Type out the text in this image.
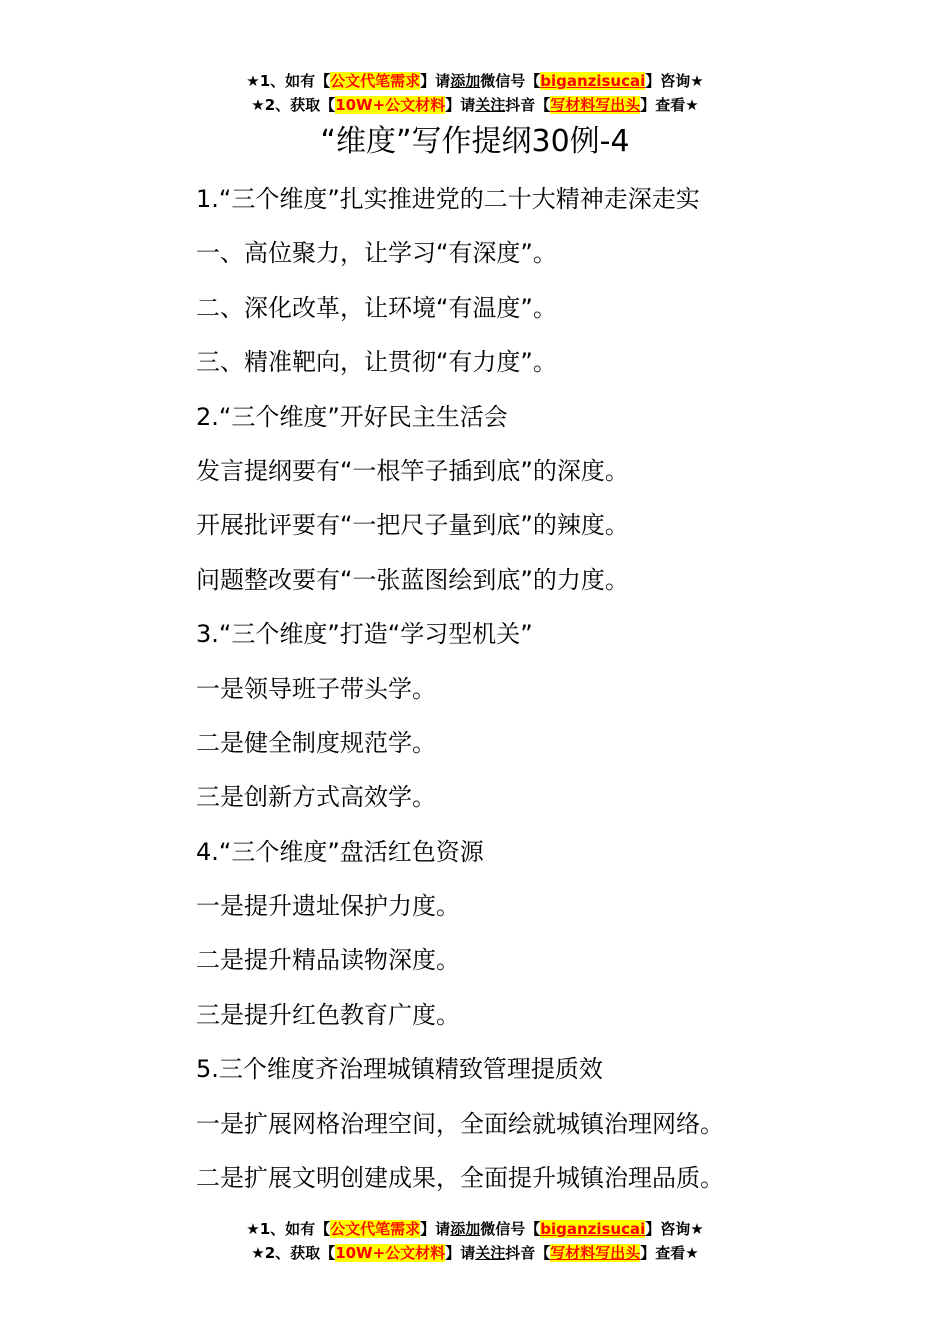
★1、如有【公文代笔需求】请添加微信号【biganzisucai】咨询★
★2、获取【10W+公文材料】请关注抖音【写材料写出头】查看★
“维度”写作提纲30例-4
1.“三个维度”扎实推进党的二十大精神走深走实
一、高位聚力，让学习“有深度”。
二、深化改革，让环境“有温度”。
三、精准靶向，让贯彻“有力度”。
2.“三个维度”开好民主生活会
发言提纲要有“一根竿子插到底”的深度。
开展批评要有“一把尺子量到底”的辣度。
问题整改要有“一张蓝图绘到底”的力度。
3.“三个维度”打造“学习型机关”
一是领导班子带头学。
二是健全制度规范学。
三是创新方式高效学。
4.“三个维度”盘活红色资源
一是提升遗址保护力度。
二是提升精品读物深度。
三是提升红色教育广度。
5.三个维度齐治理城镇精致管理提质效
一是扩展网格治理空间，全面绘就城镇治理网络。
二是扩展文明创建成果，全面提升城镇治理品质。
★1、如有【公文代笔需求】请添加微信号【biganzisucai】咨询★
★2、获取【10W+公文材料】请关注抖音【写材料写出头】查看★
